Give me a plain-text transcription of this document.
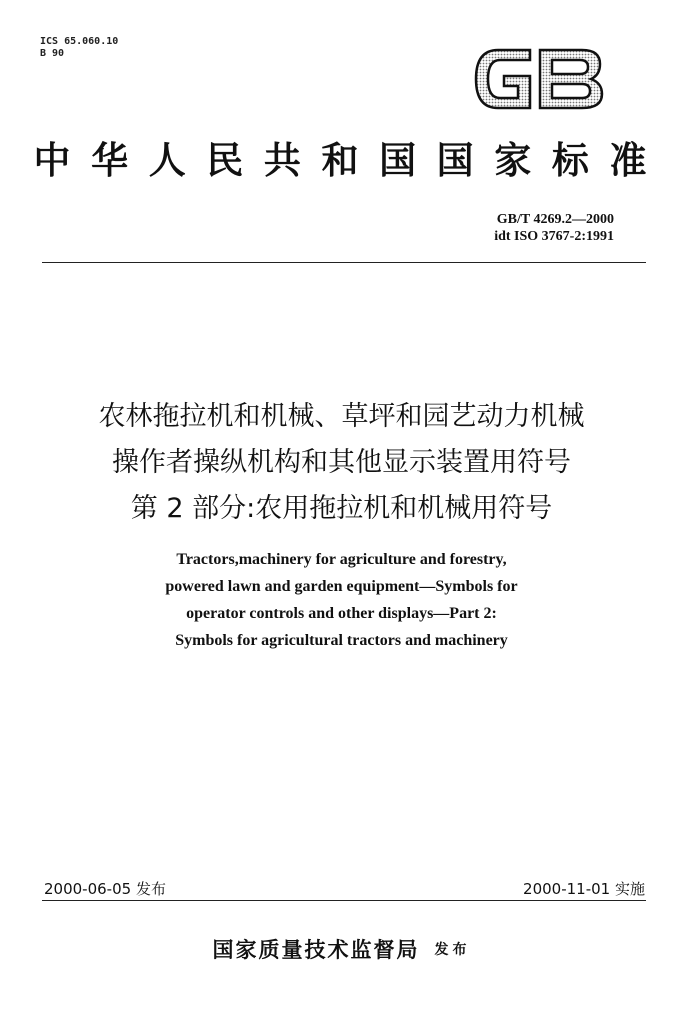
ICS 65.060.10
B 90
中 华 人 民 共 和 国 国 家 标 准
GB/T 4269.2—2000
idt ISO 3767-2:1991
农林拖拉机和机械、草坪和园艺动力机械
操作者操纵机构和其他显示装置用符号
第 2 部分:农用拖拉机和机械用符号
Tractors,machinery for agriculture and forestry,
powered lawn and garden equipment—Symbols for
operator controls and other displays—Part 2:
Symbols for agricultural tractors and machinery
2000-06-05 发布	2000-11-01 实施
国家质量技术监督局 发布
